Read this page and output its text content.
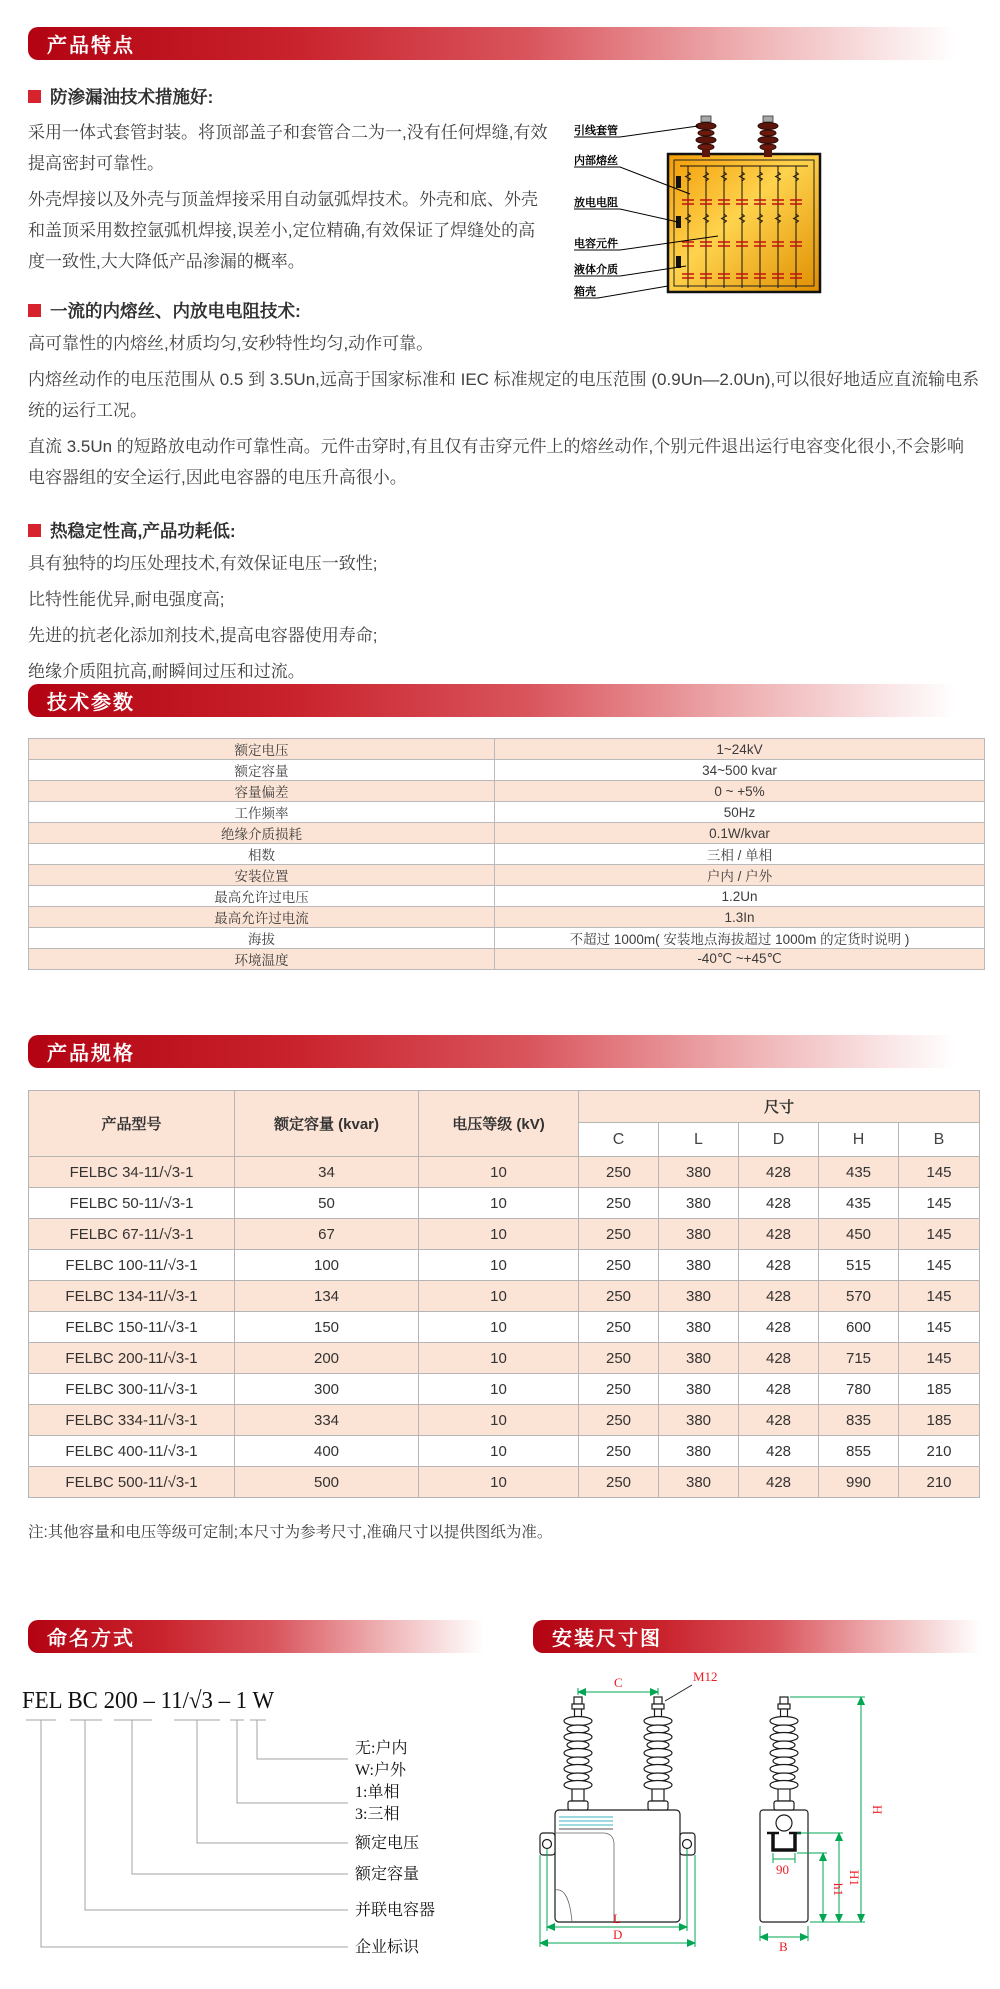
产品特点
防渗漏油技术措施好:

采用一体式套管封装。将顶部盖子和套管合二为一,没有任何焊缝,有效提高密封可靠性。

外壳焊接以及外壳与顶盖焊接采用自动氩弧焊技术。外壳和底、外壳和盖顶采用数控氩弧机焊接,误差小,定位精确,有效保证了焊缝处的高度一致性,大大降低产品渗漏的概率。

引线套管
内部熔丝
放电电阻
电容元件
液体介质
箱壳
一流的内熔丝、内放电电阻技术:

高可靠性的内熔丝,材质均匀,安秒特性均匀,动作可靠。

内熔丝动作的电压范围从 0.5 到 3.5Un,远高于国家标准和 IEC 标准规定的电压范围 (0.9Un—2.0Un),可以很好地适应直流输电系统的运行工况。

直流 3.5Un 的短路放电动作可靠性高。元件击穿时,有且仅有击穿元件上的熔丝动作,个别元件退出运行电容变化很小,不会影响电容器组的安全运行,因此电容器的电压升高很小。

热稳定性高,产品功耗低:

具有独特的均压处理技术,有效保证电压一致性;

比特性能优异,耐电强度高;

先进的抗老化添加剂技术,提高电容器使用寿命;

绝缘介质阻抗高,耐瞬间过压和过流。

技术参数
额定电压	1~24kV
额定容量	34~500 kvar
容量偏差	0 ~ +5%
工作频率	50Hz
绝缘介质损耗	0.1W/kvar
相数	三相 / 单相
安装位置	户内 / 户外
最高允许过电压	1.2Un
最高允许过电流	1.3In
海拔	不超过 1000m( 安装地点海拔超过 1000m 的定货时说明 )
环境温度	-40℃ ~+45℃
产品规格
产品型号	额定容量 (kvar)	电压等级 (kV)	尺寸				
			C	L	D	H	B
FELBC 34-11/√3-1	34	10	250	380	428	435	145
FELBC 50-11/√3-1	50	10	250	380	428	435	145
FELBC 67-11/√3-1	67	10	250	380	428	450	145
FELBC 100-11/√3-1	100	10	250	380	428	515	145
FELBC 134-11/√3-1	134	10	250	380	428	570	145
FELBC 150-11/√3-1	150	10	250	380	428	600	145
FELBC 200-11/√3-1	200	10	250	380	428	715	145
FELBC 300-11/√3-1	300	10	250	380	428	780	185
FELBC 334-11/√3-1	334	10	250	380	428	835	185
FELBC 400-11/√3-1	400	10	250	380	428	855	210
FELBC 500-11/√3-1	500	10	250	380	428	990	210
注:其他容量和电压等级可定制;本尺寸为参考尺寸,准确尺寸以提供图纸为准。
命名方式
FEL BC 200 – 11/√3 – 1 W
无:户内
W:户外
1:单相
3:三相
额定电压
额定容量
并联电容器
企业标识
安装尺寸图
C	M12
L
D
90
H
H1
h1
B
